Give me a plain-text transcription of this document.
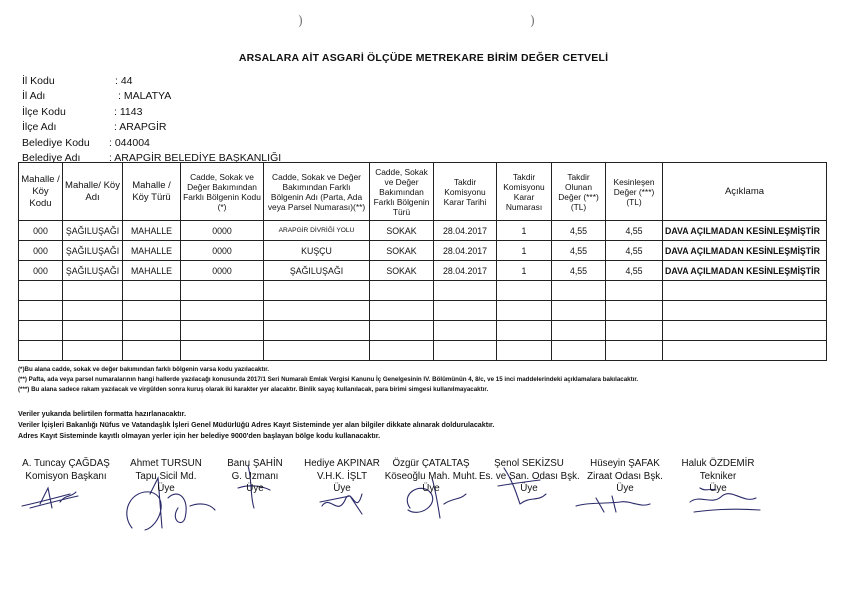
)	)
ARSALARA AİT ASGARİ ÖLÇÜDE METREKARE BİRİM DEĞER CETVELİ
İl Kodu	: 44
İl Adı	: MALATYA
İlçe Kodu	: 1143
İlçe Adı	: ARAPGİR
Belediye Kodu : 044004
Belediye Adı	: ARAPGİR BELEDİYE BAŞKANLIĞI
Mahalle / Köy Kodu	Mahalle/ Köy Adı	Mahalle / Köy Türü	Cadde, Sokak ve Değer Bakımından Farklı Bölgenin Kodu (*)	Cadde, Sokak ve Değer Bakımından Farklı Bölgenin Adı (Parta, Ada veya Parsel Numarası)(**)	Cadde, Sokak ve Değer Bakımından Farklı Bölgenin Türü	Takdir Komisyonu Karar Tarihi	Takdir Komisyonu Karar Numarası	Takdir Olunan Değer (***) (TL)	Kesinleşen Değer (***) (TL)	Açıklama
000	ŞAĞILUŞAĞI	MAHALLE	0000	ARAPGİR DİVRİĞİ YOLU	SOKAK	28.04.2017	1	4,55	4,55	DAVA AÇILMADAN KESİNLEŞMİŞTİR
000	ŞAĞILUŞAĞI	MAHALLE	0000	KUŞÇU	SOKAK	28.04.2017	1	4,55	4,55	DAVA AÇILMADAN KESİNLEŞMİŞTİR
000	ŞAĞILUŞAĞI	MAHALLE	0000	ŞAĞILUŞAĞI	SOKAK	28.04.2017	1	4,55	4,55	DAVA AÇILMADAN KESİNLEŞMİŞTİR

(*)Bu alana cadde, sokak ve değer bakımından farklı bölgenin varsa kodu yazılacaktır.
(**) Pafta, ada veya parsel numaralarının hangi hallerde yazılacağı konusunda 2017/1 Seri Numaralı Emlak Vergisi Kanunu İç Genelgesinin IV. Bölümünün 4, 8/c, ve 15 inci maddelerindeki açıklamalara bakılacaktır.
(***) Bu alana sadece rakam yazılacak ve virgülden sonra kuruş olarak iki karakter yer alacaktır. Binlik sayaç kullanılacak, para birimi simgesi kullanılmayacaktır.
Veriler yukarıda belirtilen formatta hazırlanacaktır.
Veriler İçişleri Bakanlığı Nüfus ve Vatandaşlık İşleri Genel Müdürlüğü Adres Kayıt Sisteminde yer alan bilgiler dikkate alınarak doldurulacaktır.
Adres Kayıt Sisteminde kayıtlı olmayan yerler için her belediye 9000'den başlayan bölge kodu kullanacaktır.
A. Tuncay ÇAĞDAŞ
Komisyon Başkanı
Ahmet TURSUN
Tapu Sicil Md.
Üye
Banu ŞAHİN
G. Uzmanı
Üye
Hediye AKPINAR
V.H.K. İŞLT
Üye
Özgür ÇATALTAŞ
Köseoğlu Mah. Muht.
Üye
Şenol SEKİZSU
Es. ve San. Odası Bşk.
Üye
Hüseyin ŞAFAK
Ziraat Odası Bşk.
Üye
Haluk ÖZDEMİR
Tekniker
Üye
